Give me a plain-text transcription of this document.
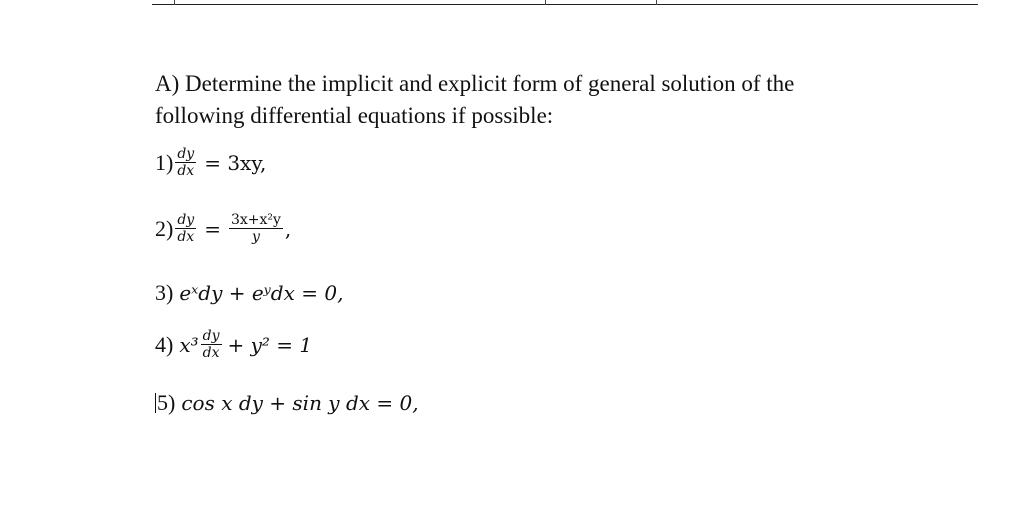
A) Determine the implicit and explicit form of general solution of the
following differential equations if possible:

$1) \frac{dy}{dx} = 3xy$,
$2) \frac{dy}{dx} = \frac{\text{3x+x²y}}{y}$ ,
3) eˣdy + eʸdx = 0,
4) $x^3 \frac{dy}{dx} + y^2 = 1$
5) cos x dy + sin y dx = 0,
